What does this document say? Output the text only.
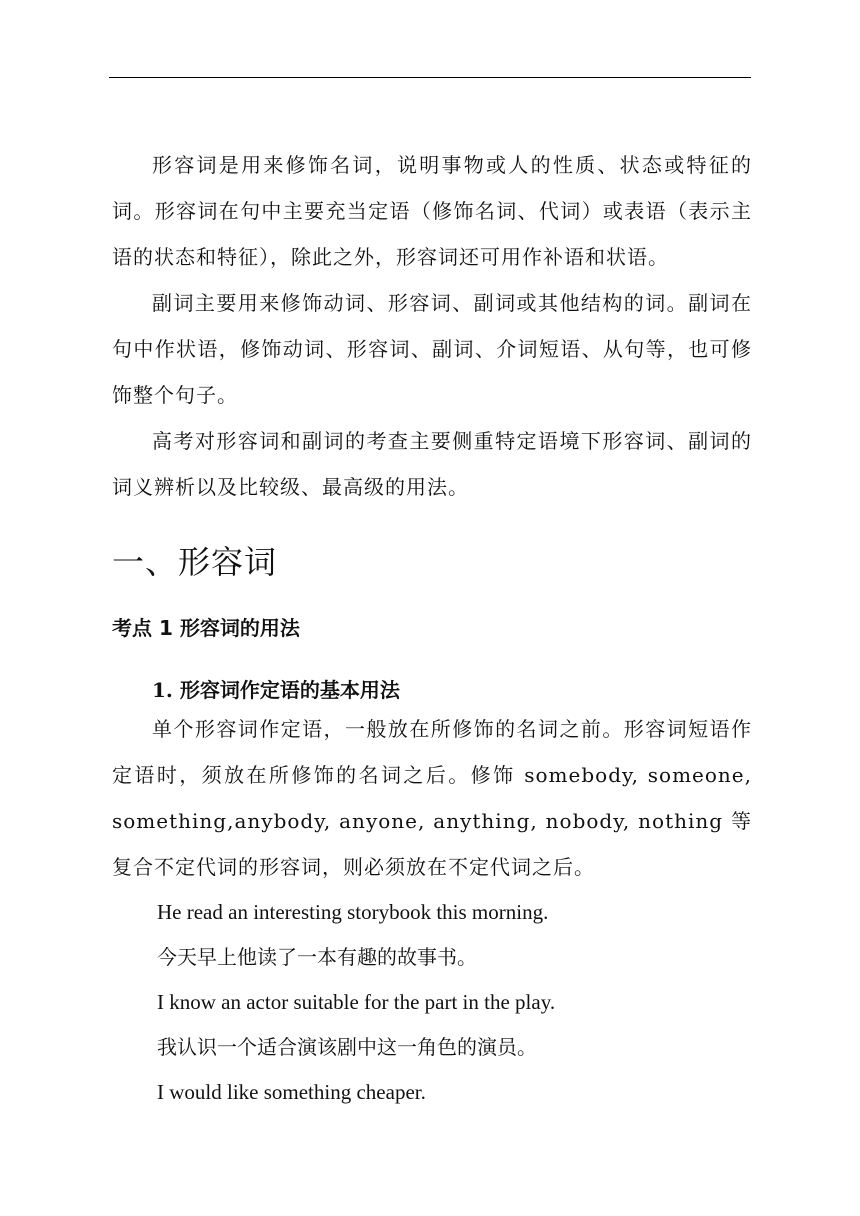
形容词是用来修饰名词，说明事物或人的性质、状态或特征的词。形容词在句中主要充当定语（修饰名词、代词）或表语（表示主语的状态和特征），除此之外，形容词还可用作补语和状语。

副词主要用来修饰动词、形容词、副词或其他结构的词。副词在句中作状语，修饰动词、形容词、副词、介词短语、从句等，也可修饰整个句子。

高考对形容词和副词的考查主要侧重特定语境下形容词、副词的词义辨析以及比较级、最高级的用法。

一、形容词
考点 1 形容词的用法
1. 形容词作定语的基本用法

单个形容词作定语，一般放在所修饰的名词之前。形容词短语作定语时，须放在所修饰的名词之后。修饰 somebody, someone, something,anybody, anyone, anything, nobody, nothing 等复合不定代词的形容词，则必须放在不定代词之后。

He read an interesting storybook this morning.

今天早上他读了一本有趣的故事书。

I know an actor suitable for the part in the play.

我认识一个适合演该剧中这一角色的演员。

I would like something cheaper.
